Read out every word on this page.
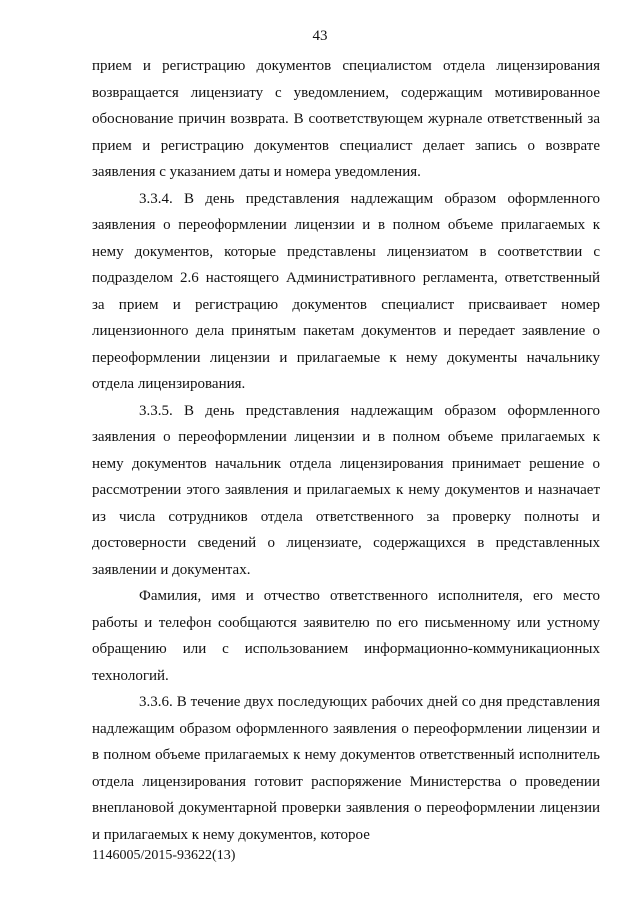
43

прием и регистрацию документов специалистом отдела лицензирования возвращается лицензиату с уведомлением, содержащим мотивированное обоснование причин возврата. В соответствующем журнале ответственный за прием и регистрацию документов специалист делает запись о возврате заявления с указанием даты и номера уведомления.

3.3.4. В день представления надлежащим образом оформленного заявления о переоформлении лицензии и в полном объеме прилагаемых к нему документов, которые представлены лицензиатом в соответствии с подразделом 2.6 настоящего Административного регламента, ответственный за прием и регистрацию документов специалист присваивает номер лицензионного дела принятым пакетам документов и передает заявление о переоформлении лицензии и прилагаемые к нему документы начальнику отдела лицензирования.

3.3.5. В день представления надлежащим образом оформленного заявления о переоформлении лицензии и в полном объеме прилагаемых к нему документов начальник отдела лицензирования принимает решение о рассмотрении этого заявления и прилагаемых к нему документов и назначает из числа сотрудников отдела ответственного за проверку полноты и достоверности сведений о лицензиате, содержащихся в представленных заявлении и документах.

Фамилия, имя и отчество ответственного исполнителя, его место работы и телефон сообщаются заявителю по его письменному или устному обращению или с использованием информационно-коммуникационных технологий.

3.3.6. В течение двух последующих рабочих дней со дня представления надлежащим образом оформленного заявления о переоформлении лицензии и в полном объеме прилагаемых к нему документов ответственный исполнитель отдела лицензирования готовит распоряжение Министерства о проведении внеплановой документарной проверки заявления о переоформлении лицензии и прилагаемых к нему документов, которое

1146005/2015-93622(13)
